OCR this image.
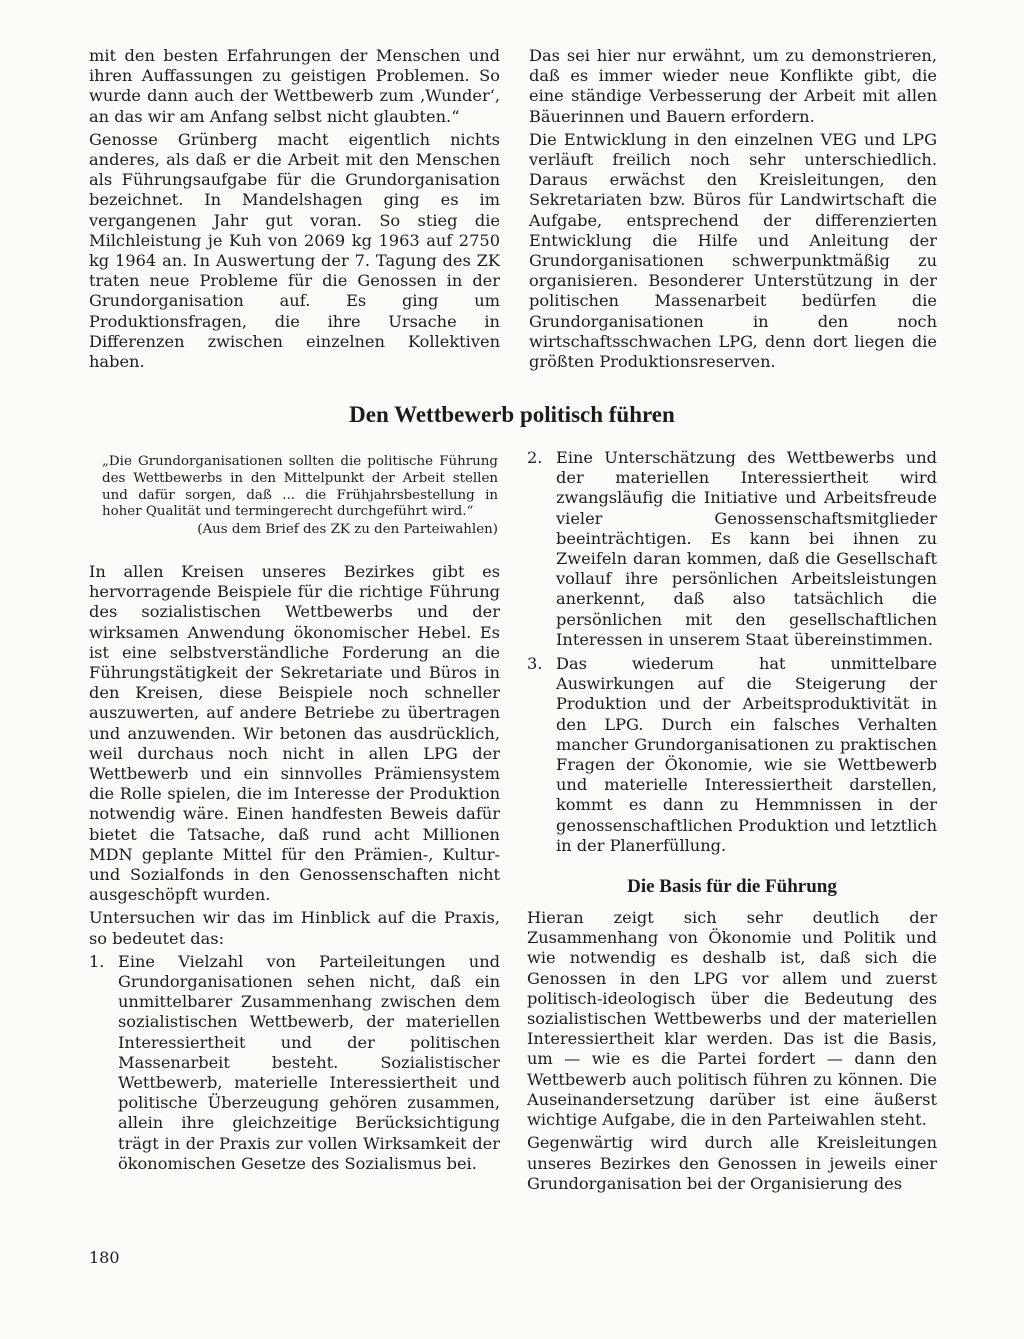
mit den besten Erfahrungen der Menschen und ihren Auffassungen zu geistigen Problemen. So wurde dann auch der Wettbewerb zum ‚Wunder‘, an das wir am Anfang selbst nicht glaubten.“

Genosse Grünberg macht eigentlich nichts anderes, als daß er die Arbeit mit den Menschen als Führungsaufgabe für die Grundorganisation bezeichnet. In Mandelshagen ging es im vergangenen Jahr gut voran. So stieg die Milchleistung je Kuh von 2069 kg 1963 auf 2750 kg 1964 an. In Auswertung der 7. Tagung des ZK traten neue Probleme für die Genossen in der Grundorganisation auf. Es ging um Produktionsfragen, die ihre Ursache in Differenzen zwischen einzelnen Kollektiven haben.

Das sei hier nur erwähnt, um zu demonstrieren, daß es immer wieder neue Konflikte gibt, die eine ständige Verbesserung der Arbeit mit allen Bäuerinnen und Bauern erfordern.

Die Entwicklung in den einzelnen VEG und LPG verläuft freilich noch sehr unterschiedlich. Daraus erwächst den Kreisleitungen, den Sekretariaten bzw. Büros für Landwirtschaft die Aufgabe, entsprechend der differenzierten Entwicklung die Hilfe und Anleitung der Grundorganisationen schwerpunktmäßig zu organisieren. Besonderer Unterstützung in der politischen Massenarbeit bedürfen die Grundorganisationen in den noch wirtschaftsschwachen LPG, denn dort liegen die größten Produktionsreserven.

Den Wettbewerb politisch führen

„Die Grundorganisationen sollten die politische Führung des Wettbewerbs in den Mittelpunkt der Arbeit stellen und dafür sorgen, daß ... die Frühjahrsbestellung in hoher Qualität und termingerecht durchgeführt wird.“

(Aus dem Brief des ZK zu den Parteiwahlen)

In allen Kreisen unseres Bezirkes gibt es hervorragende Beispiele für die richtige Führung des sozialistischen Wettbewerbs und der wirksamen Anwendung ökonomischer Hebel. Es ist eine selbstverständliche Forderung an die Führungstätigkeit der Sekretariate und Büros in den Kreisen, diese Beispiele noch schneller auszuwerten, auf andere Betriebe zu übertragen und anzuwenden. Wir betonen das ausdrücklich, weil durchaus noch nicht in allen LPG der Wettbewerb und ein sinnvolles Prämiensystem die Rolle spielen, die im Interesse der Produktion notwendig wäre. Einen handfesten Beweis dafür bietet die Tatsache, daß rund acht Millionen MDN geplante Mittel für den Prämien-, Kultur- und Sozialfonds in den Genossenschaften nicht ausgeschöpft wurden.

Untersuchen wir das im Hinblick auf die Praxis, so bedeutet das:

1. Eine Vielzahl von Parteileitungen und Grundorganisationen sehen nicht, daß ein unmittelbarer Zusammenhang zwischen dem sozialistischen Wettbewerb, der materiellen Interessiertheit und der politischen Massenarbeit besteht. Sozialistischer Wettbewerb, materielle Interessiertheit und politische Überzeugung gehören zusammen, allein ihre gleichzeitige Berücksichtigung trägt in der Praxis zur vollen Wirksamkeit der ökonomischen Gesetze des Sozialismus bei.

2. Eine Unterschätzung des Wettbewerbs und der materiellen Interessiertheit wird zwangsläufig die Initiative und Arbeitsfreude vieler Genossenschaftsmitglieder beeinträchtigen. Es kann bei ihnen zu Zweifeln daran kommen, daß die Gesellschaft vollauf ihre persönlichen Arbeitsleistungen anerkennt, daß also tatsächlich die persönlichen mit den gesellschaftlichen Interessen in unserem Staat übereinstimmen.

3. Das wiederum hat unmittelbare Auswirkungen auf die Steigerung der Produktion und der Arbeitsproduktivität in den LPG. Durch ein falsches Verhalten mancher Grundorganisationen zu praktischen Fragen der Ökonomie, wie sie Wettbewerb und materielle Interessiertheit darstellen, kommt es dann zu Hemmnissen in der genossenschaftlichen Produktion und letztlich in der Planerfüllung.

Die Basis für die Führung

Hieran zeigt sich sehr deutlich der Zusammenhang von Ökonomie und Politik und wie notwendig es deshalb ist, daß sich die Genossen in den LPG vor allem und zuerst politisch-ideologisch über die Bedeutung des sozialistischen Wettbewerbs und der materiellen Interessiertheit klar werden. Das ist die Basis, um — wie es die Partei fordert — dann den Wettbewerb auch politisch führen zu können. Die Auseinandersetzung darüber ist eine äußerst wichtige Aufgabe, die in den Parteiwahlen steht.

Gegenwärtig wird durch alle Kreisleitungen unseres Bezirkes den Genossen in jeweils einer Grundorganisation bei der Organisierung des

180
